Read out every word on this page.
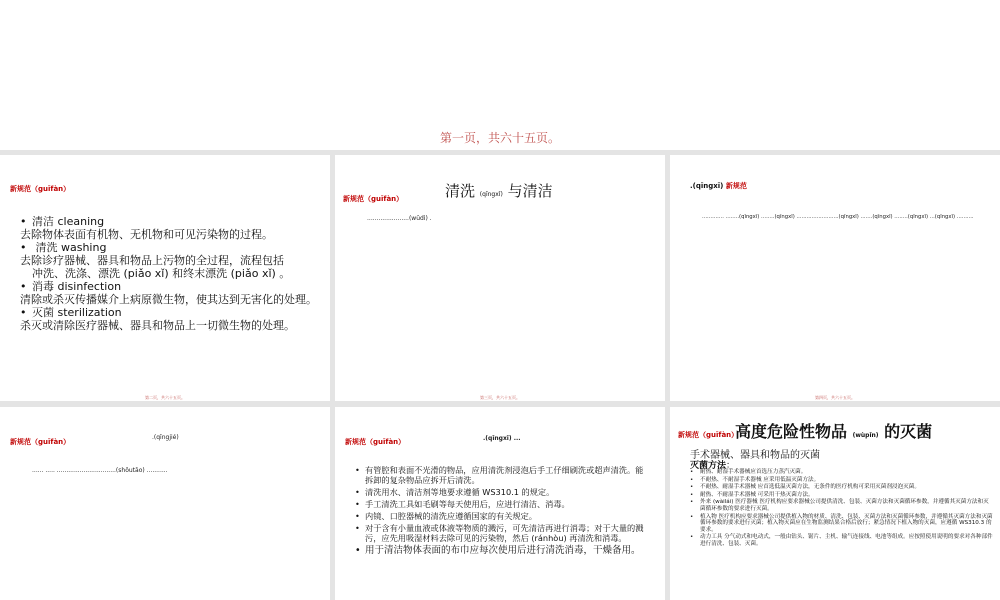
第一页，共六十五页。
新规范（guīfàn）
• 清洁 cleaning
去除物体表面有机物、无机物和可见污染物的过程。
• 清洗 washing
去除诊疗器械、器具和物品上污物的全过程，流程包括
冲洗、洗涤、漂洗 (piǎo xǐ) 和终末漂洗 (piǎo xǐ) 。
• 消毒 disinfection
清除或杀灭传播媒介上病原微生物，使其达到无害化的处理。
• 灭菌 sterilization
杀灭或清除医疗器械、器具和物品上一切微生物的处理。
第二页，共六十五页。
新规范（guīfàn）	清洗 (qīngxǐ) 与清洁
......................(wūdì) .
第三页，共六十五页。
.(qīngxī) 新规范
............. ........(qīngxī) ........(qīngxī) .........................(qīngxī) .......(qīngxī) ........(qīngxī) ...(qīngxī) ..........
第四页，共六十五页。
新规范（guīfàn）
.(qīngjié)
...... ..... ...............................(shōutāo) ...........
新规范（guīfàn）	.(qīngxī) ...
• 有管腔和表面不光滑的物品，应用清洗剂浸泡后手工仔细刷洗或超声清洗。能拆卸的复杂物品应拆开后清洗。
• 清洗用水、清洁剂等地要求遵循 WS310.1 的规定。
• 手工清洗工具如毛刷等每天使用后，应进行清洁、消毒。
• 内镜、口腔器械的清洗应遵循国家的有关规定。
• 对于含有小量血液或体液等物质的溅污，可先清洁再进行消毒；对于大量的溅污，应先用吸湿材料去除可见的污染物，然后 (ránhòu) 再清洗和消毒。
• 用于清洁物体表面的布巾应每次使用后进行清洗消毒，干燥备用。
新规范（guīfàn）
高度危险性物品 (wùpǐn) 的灭菌
手术器械、器具和物品的灭菌
灭菌方法：
• 耐热、耐湿手术器械应首选压力蒸汽灭菌。
• 不耐热、不耐湿手术器械 应采用低温灭菌方法。
• 不耐热、耐湿手术器械 应首选低温灭菌方法，无条件的医疗机构可采用灭菌剂浸泡灭菌。
• 耐热、不耐湿手术器械 可采用干热灭菌方法。
• 外来 (wàilái) 医疗器械 医疗机构应要求器械公司提供清洗、包装、灭菌方法和灭菌循环参数，并遵循其灭菌方法和灭菌循环参数的要求进行灭菌。
• 植入物 医疗机构应要求器械公司提供植入物的材质、清洗、包装、灭菌方法和灭菌循环参数，并遵循其灭菌方法和灭菌循环参数的要求进行灭菌；植入物灭菌应在生物监测结果合格后放行；紧急情况下植入物的灭菌，应遵循 WS310.3 的要求。
• 动力工具 分气动式和电动式，一般由钻头、锯片、主机、输气连接线、电池等组成。应按照使用说明的要求对各种部件进行清洗、包装、灭菌。
